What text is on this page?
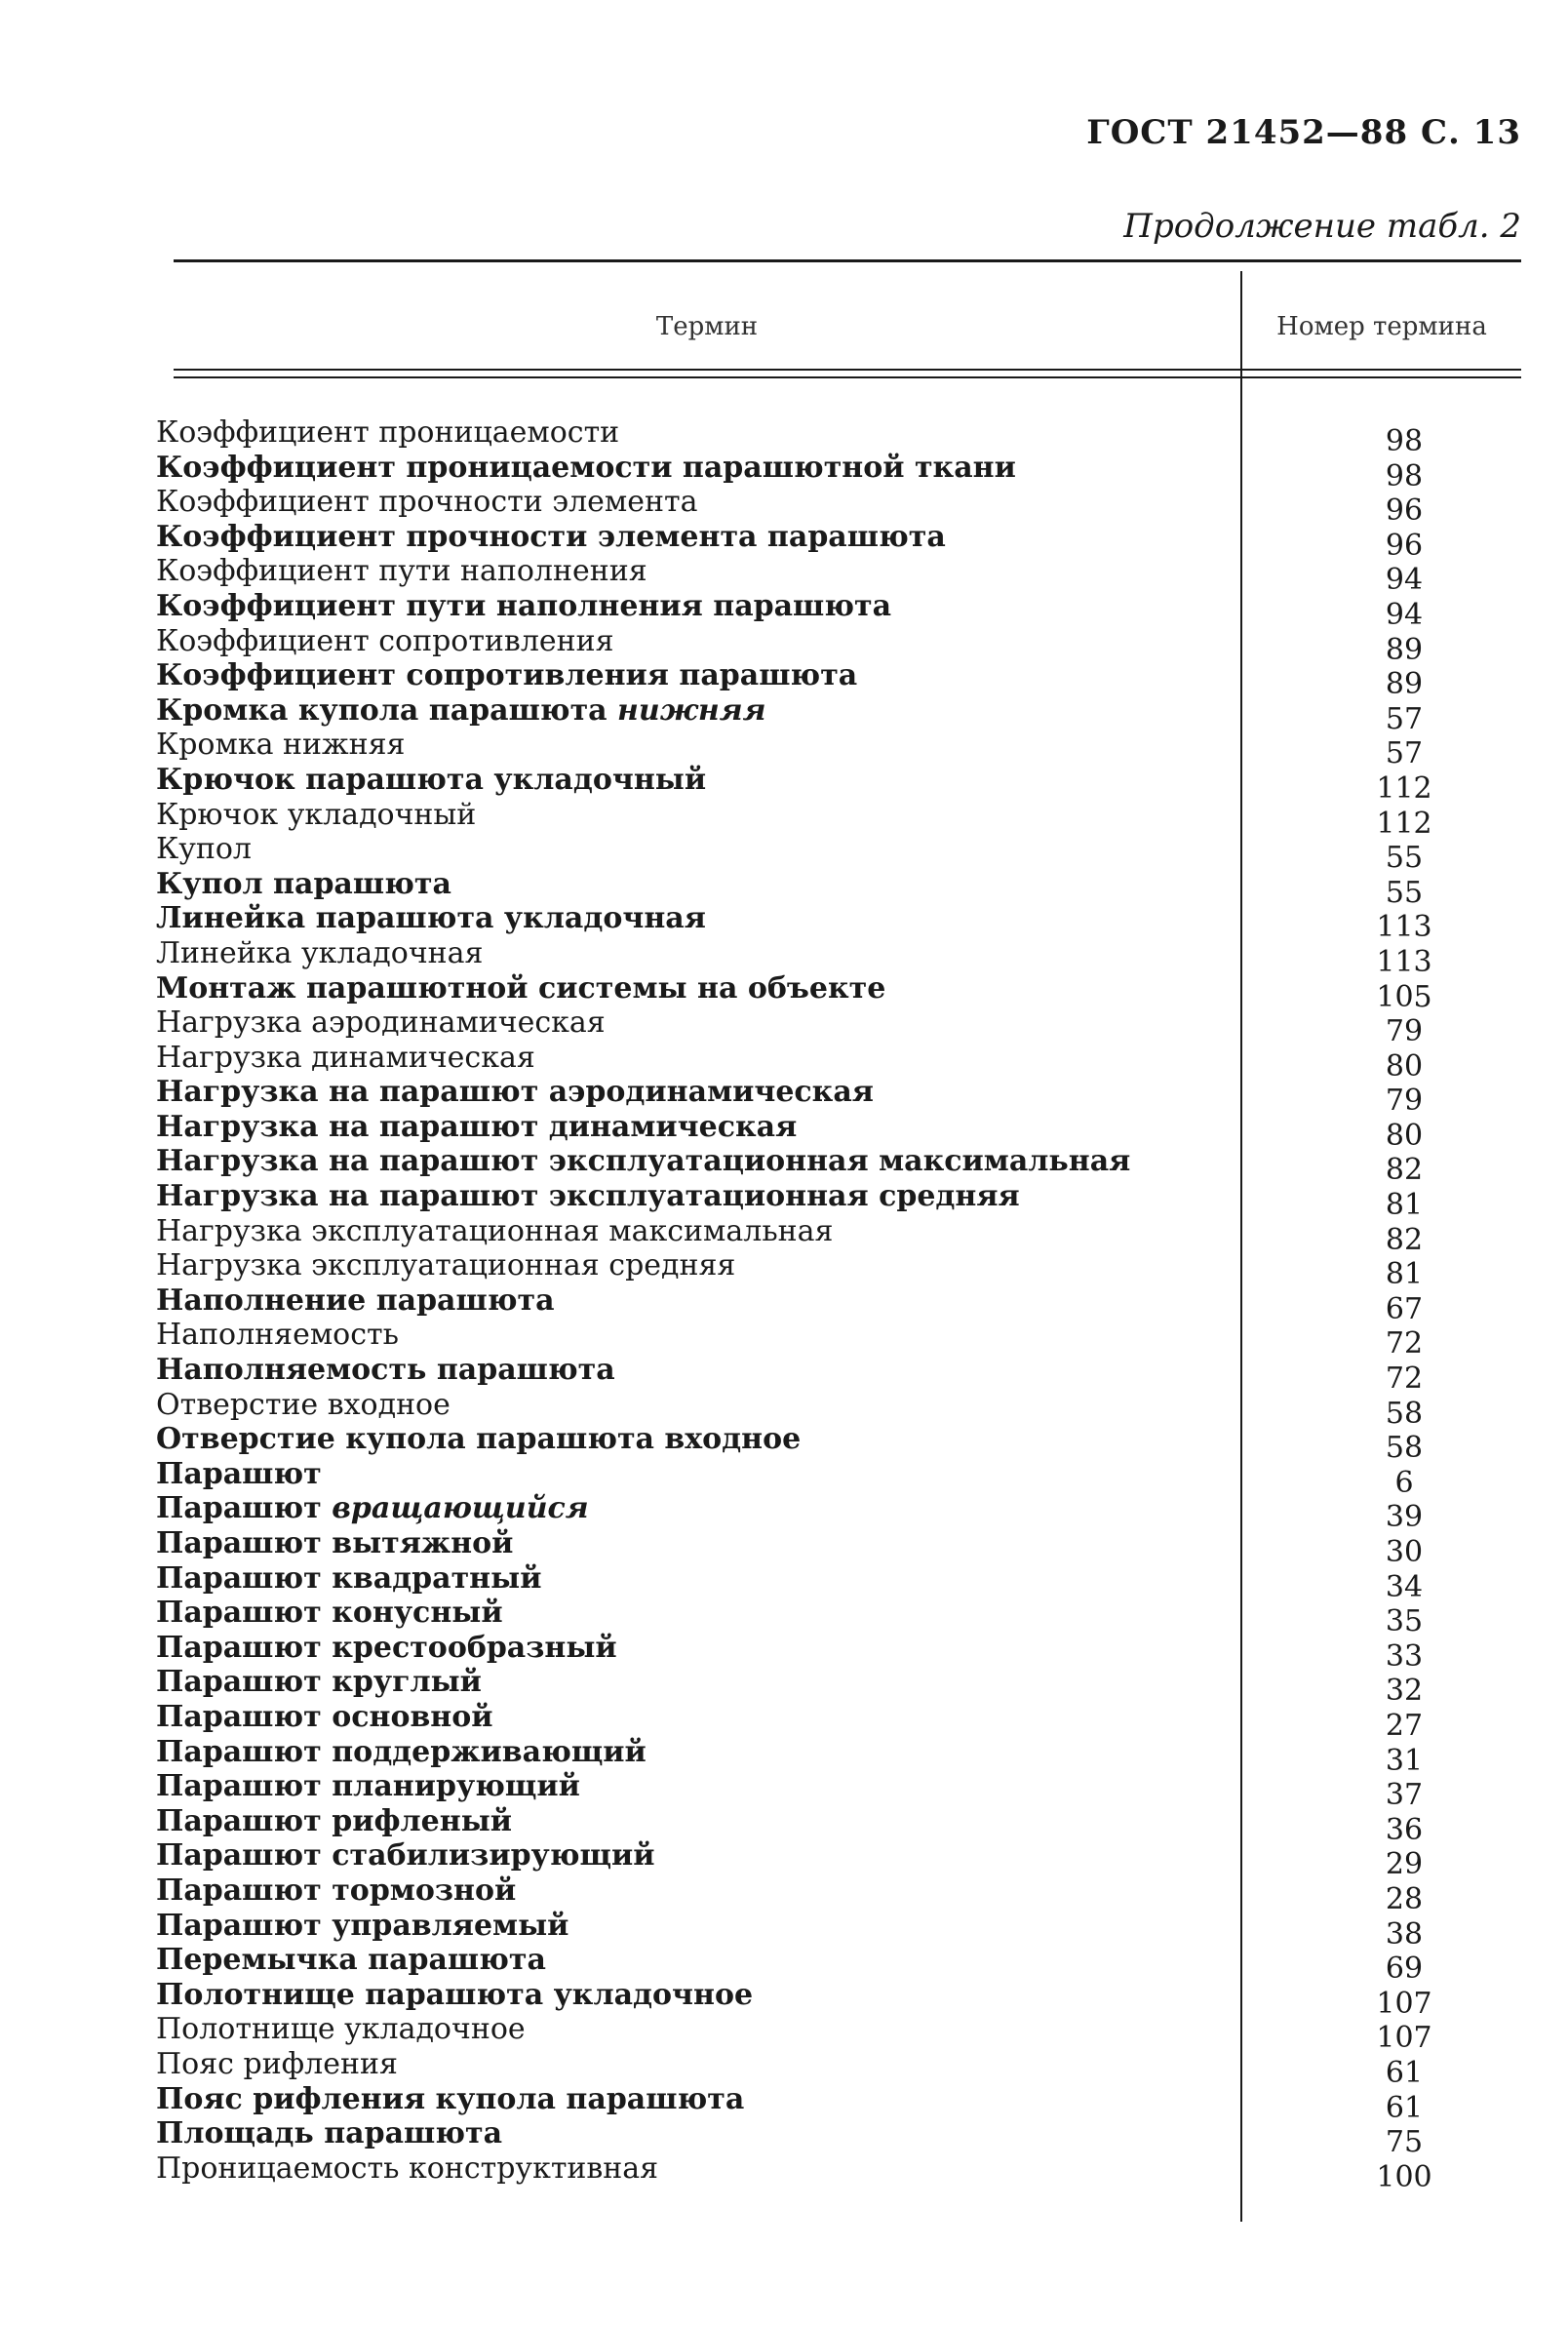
ГОСТ 21452—88 С. 13
Продолжение табл. 2
Термин	Номер термина
Коэффициент проницаемости	98
Коэффициент проницаемости парашютной ткани	98
Коэффициент прочности элемента	96
Коэффициент прочности элемента парашюта	96
Коэффициент пути наполнения	94
Коэффициент пути наполнения парашюта	94
Коэффициент сопротивления	89
Коэффициент сопротивления парашюта	89
Кромка купола парашюта нижняя	57
Кромка нижняя	57
Крючок парашюта укладочный	112
Крючок укладочный	112
Купол	55
Купол парашюта	55
Линейка парашюта укладочная	113
Линейка укладочная	113
Монтаж парашютной системы на объекте	105
Нагрузка аэродинамическая	79
Нагрузка динамическая	80
Нагрузка на парашют аэродинамическая	79
Нагрузка на парашют динамическая	80
Нагрузка на парашют эксплуатационная максимальная	82
Нагрузка на парашют эксплуатационная средняя	81
Нагрузка эксплуатационная максимальная	82
Нагрузка эксплуатационная средняя	81
Наполнение парашюта	67
Наполняемость	72
Наполняемость парашюта	72
Отверстие входное	58
Отверстие купола парашюта входное	58
Парашют	6
Парашют вращающийся	39
Парашют вытяжной	30
Парашют квадратный	34
Парашют конусный	35
Парашют крестообразный	33
Парашют круглый	32
Парашют основной	27
Парашют поддерживающий	31
Парашют планирующий	37
Парашют рифленый	36
Парашют стабилизирующий	29
Парашют тормозной	28
Парашют управляемый	38
Перемычка парашюта	69
Полотнище парашюта укладочное	107
Полотнище укладочное	107
Пояс рифления	61
Пояс рифления купола парашюта	61
Площадь парашюта	75
Проницаемость конструктивная	100
